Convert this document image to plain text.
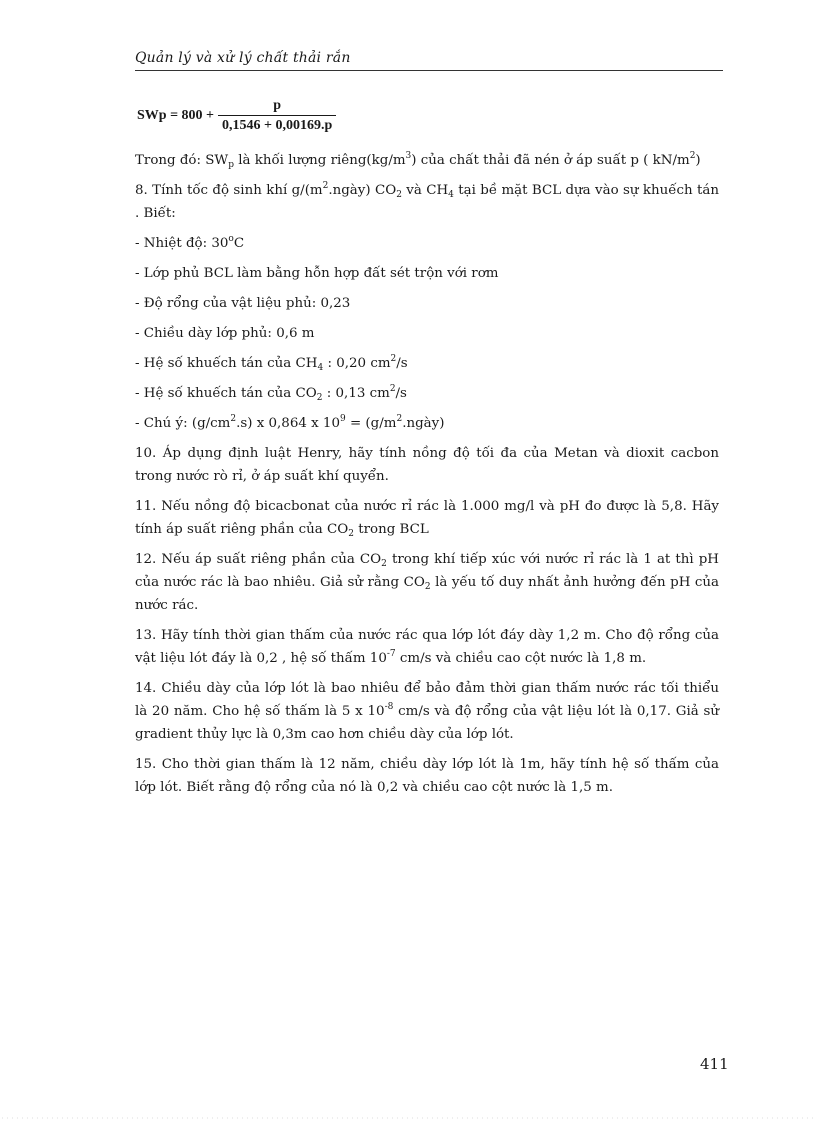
Quản lý và xử lý chất thải rắn
SWp = $800 + \frac{p}{0,1546 + 0,00169.p}$

Trong đó: $SW_p$ là khối lượng $riêng(kg/m^3)$ của chất thải đã nén ở áp suất p ( $kN/m^2$)

8. Tính tốc độ sinh khí $g/(m^2.ngày)$ $CO_2$ và $CH_4$ tại bề mặt BCL dựa vào sự khuếch tán . Biết:

- Nhiệt độ: 30$^o$C

- Lớp phủ BCL làm bằng hỗn hợp đất sét trộn với rơm

- Độ rổng của vật liệu phủ: 0,23

- Chiều dày lớp phủ: 0,6 m

- Hệ số khuếch tán của $CH_4$ : 0,20 $cm^2/s$

- Hệ số khuếch tán của $CO_2$ : 0,13 $cm^2/s$

- Chú ý: $(g/cm^2.s)$ x 0,864 x $10^9$ = $(g/m^2.ngày)$

10. Áp dụng định luật Henry, hãy tính nồng độ tối đa của Metan và dioxit cacbon trong nước rò rỉ, ở áp suất khí quyển.

11. Nếu nồng độ bicacbonat của nước rỉ rác là 1.000 mg/l và pH đo được là 5,8. Hãy tính áp suất riêng phần của $CO_2$ trong BCL

12. Nếu áp suất riêng phần của $CO_2$ trong khí tiếp xúc với nước rỉ rác là 1 at thì pH của nước rác là bao nhiêu. Giả sử rằng $CO_2$ là yếu tố duy nhất ảnh hưởng đến pH của nước rác.

13. Hãy tính thời gian thấm của nước rác qua lớp lót đáy dày 1,2 m. Cho độ rổng của vật liệu lót đáy là 0,2 , hệ số thấm $10^{-7}$ cm/s và chiều cao cột nước là 1,8 m.

14. Chiều dày của lớp lót là bao nhiêu để bảo đảm thời gian thấm nước rác tối thiểu là 20 năm. Cho hệ số thấm là 5 x $10^{-8}$ cm/s và độ rổng của vật liệu lót là 0,17. Giả sử gradient thủy lực là 0,3m cao hơn chiều dày của lớp lót.

15. Cho thời gian thấm là 12 năm, chiều dày lớp lót là 1m, hãy tính hệ số thấm của lớp lót. Biết rằng độ rổng của nó là 0,2 và chiều cao cột nước là 1,5 m.

411
